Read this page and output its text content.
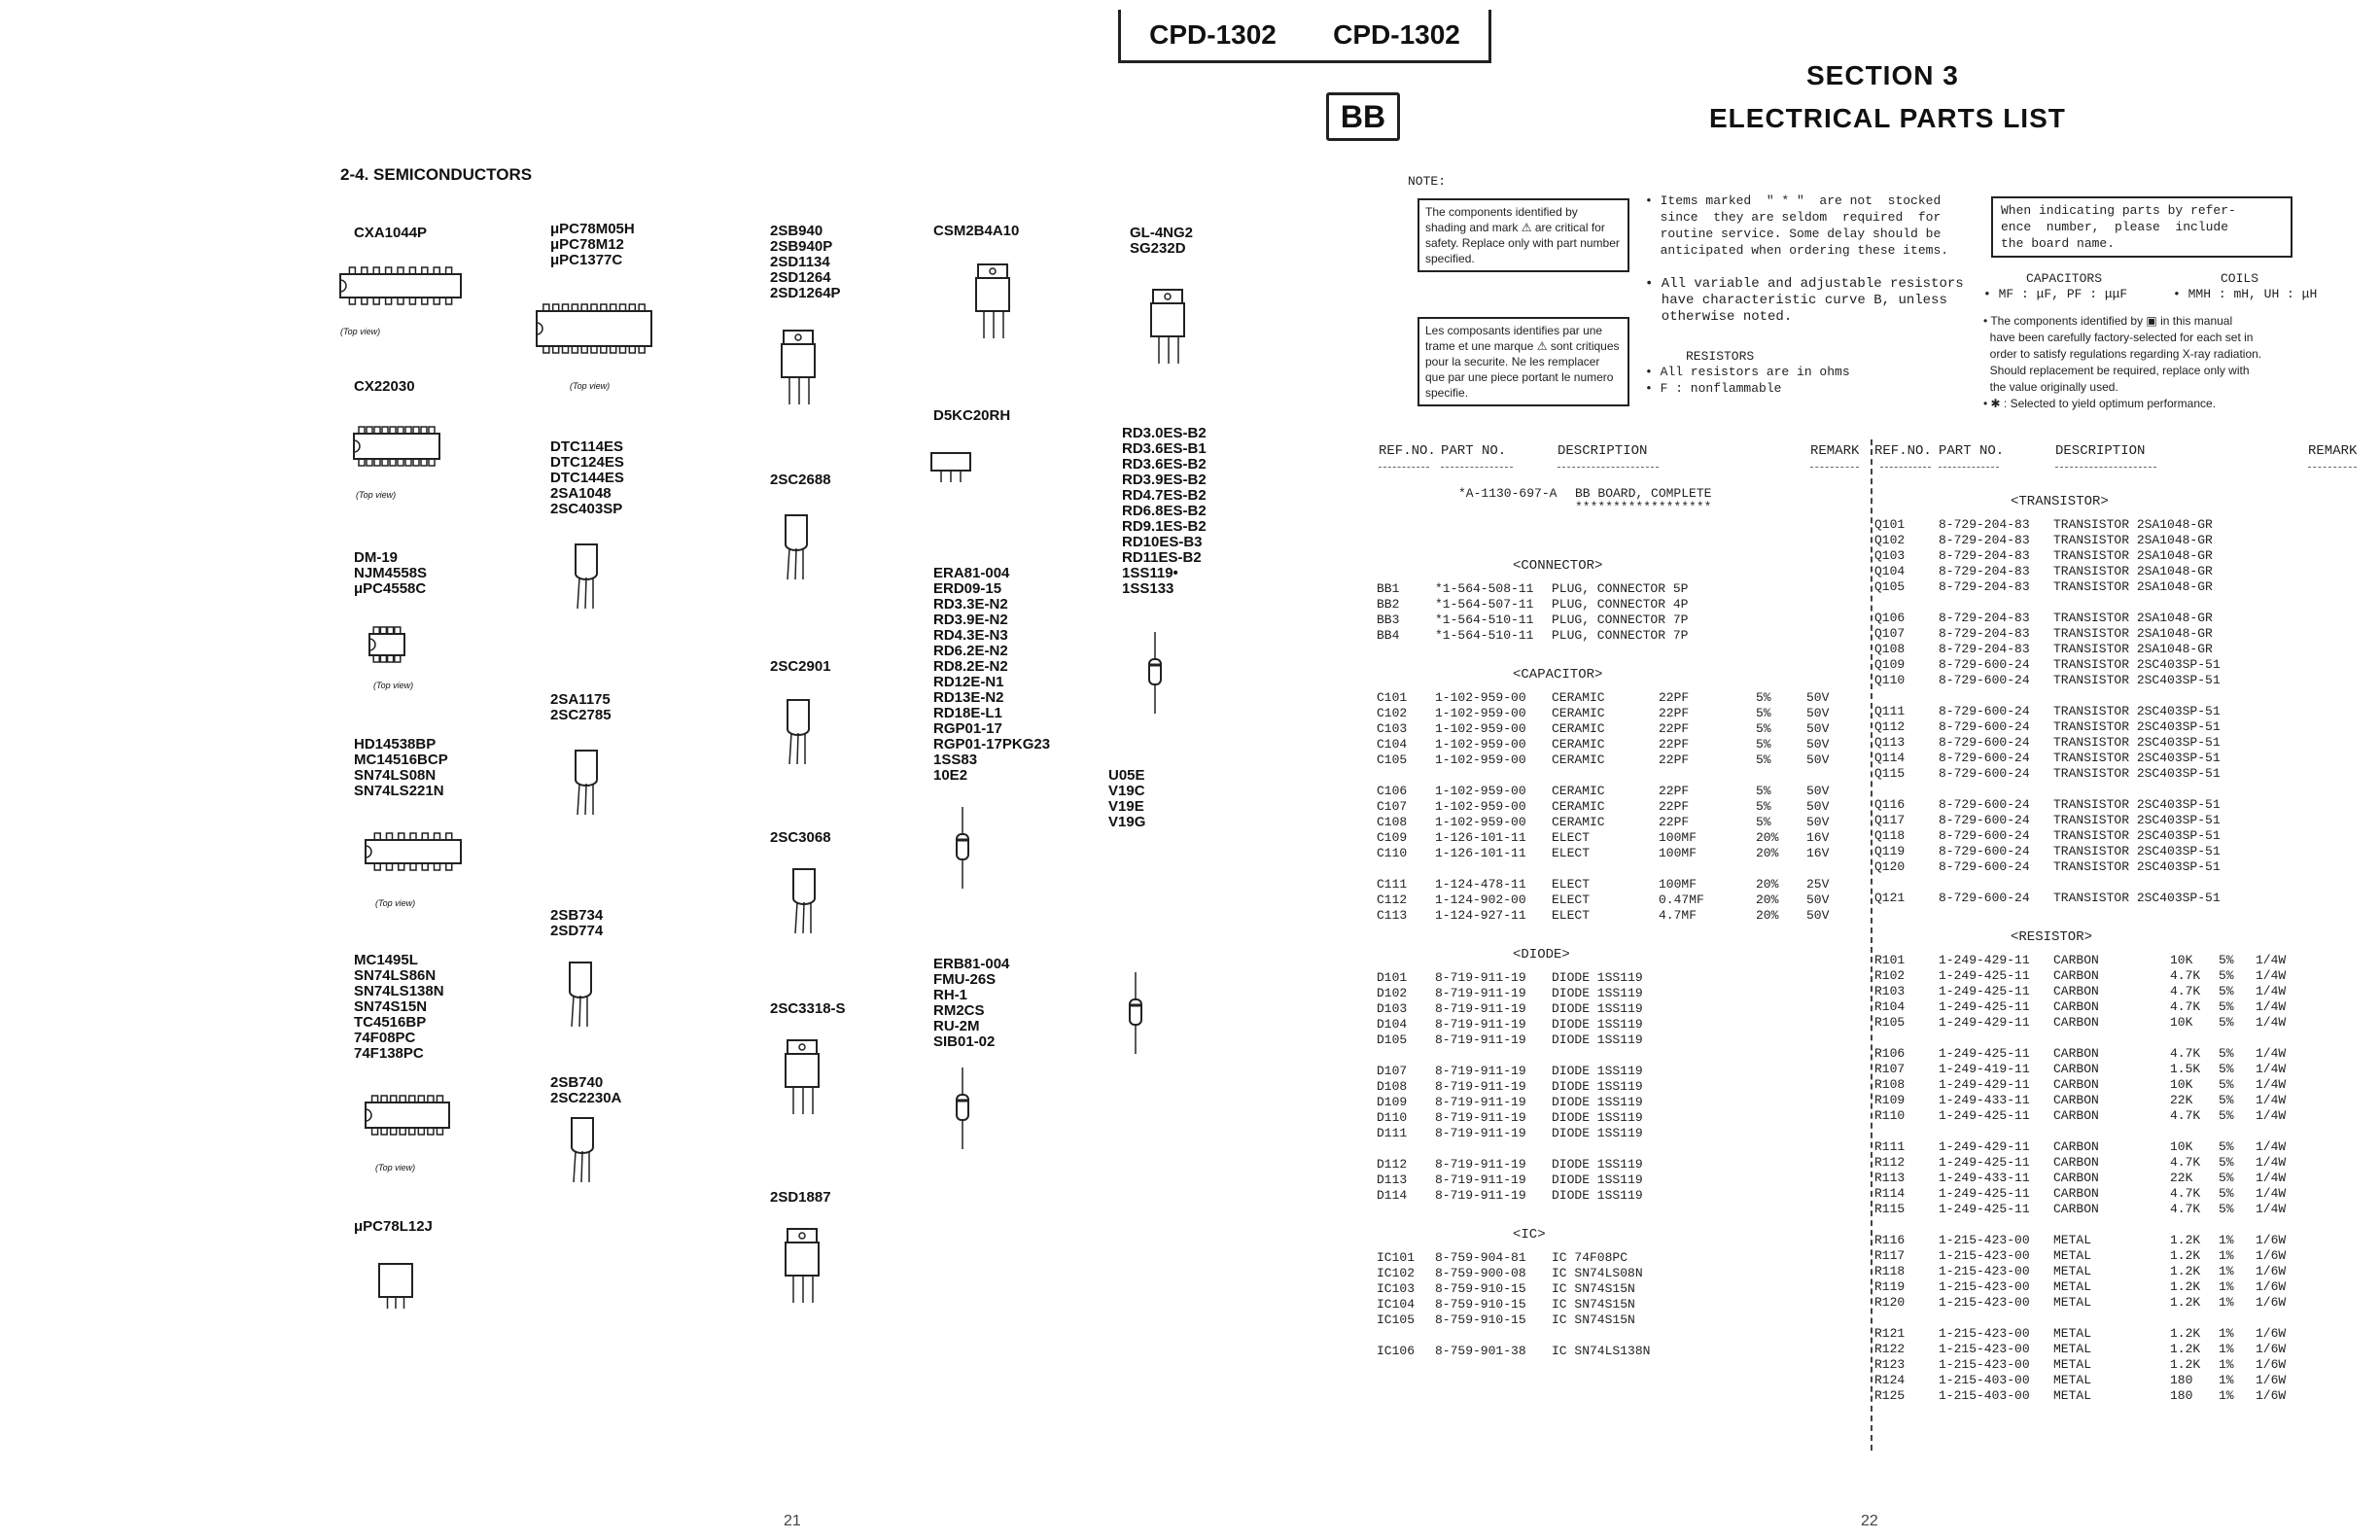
CPD-1302 CPD-1302
BB
SECTION 3
ELECTRICAL PARTS LIST
2-4. SEMICONDUCTORS
CXA1044P
(Top view)
CX22030
(Top view)
DM-19
NJM4558S
μPC4558C
(Top view)
HD14538BP
MC14516BCP
SN74LS08N
SN74LS221N
(Top view)
MC1495L
SN74LS86N
SN74LS138N
SN74S15N
TC4516BP
74F08PC
74F138PC
(Top view)
μPC78L12J
μPC78M05H
μPC78M12
μPC1377C
(Top view)
DTC114ES
DTC124ES
DTC144ES
2SA1048
2SC403SP
2SA1175
2SC2785
2SB734
2SD774
2SB740
2SC2230A
2SB940
2SB940P
2SD1134
2SD1264
2SD1264P
2SC2688
2SC2901
2SC3068
2SC3318-S
2SD1887
CSM2B4A10
D5KC20RH
ERA81-004
ERD09-15
RD3.3E-N2
RD3.9E-N2
RD4.3E-N3
RD6.2E-N2
RD8.2E-N2
RD12E-N1
RD13E-N2
RD18E-L1
RGP01-17
RGP01-17PKG23
1SS83
10E2
ERB81-004
FMU-26S
RH-1
RM2CS
RU-2M
SIB01-02
GL-4NG2
SG232D
RD3.0ES-B2
RD3.6ES-B1
RD3.6ES-B2
RD3.9ES-B2
RD4.7ES-B2
RD6.8ES-B2
RD9.1ES-B2
RD10ES-B3
RD11ES-B2
1SS119•
1SS133
U05E
V19C
V19E
V19G
21
NOTE:
The components identified by shading and mark ⚠ are critical for safety. Replace only with part number specified.
Les composants identifies par une trame et une marque ⚠ sont critiques pour la securite. Ne les remplacer que par une piece portant le numero specifie.
• Items marked  " * "  are not  stocked
since  they are seldom  required  for
routine service. Some delay should be
anticipated when ordering these items.
• All variable and adjustable resistors
have characteristic curve B, unless
otherwise noted.
RESISTORS
• All resistors are in ohms
• F : nonflammable
When indicating parts by refer-
ence  number,  please  include
the board name.
CAPACITORS	COILS
• MF : μF, PF : μμF      • MMH : mH, UH : μH
• The components identified by ▣ in this manual
have been carefully factory-selected for each set in
order to satisfy regulations regarding X-ray radiation.
Should replacement be required, replace only with
the value originally used.
• ✱ : Selected to yield optimum performance.
REF.NO. PART NO.	DESCRIPTION	REMARK REF.NO. PART NO.	DESCRIPTION	REMARK
*A-1130-697-A BB BOARD, COMPLETE
******************
<CONNECTOR>
BB1	*1-564-508-11 PLUG, CONNECTOR 5P
BB2	*1-564-507-11 PLUG, CONNECTOR 4P
BB3	*1-564-510-11 PLUG, CONNECTOR 7P
BB4	*1-564-510-11 PLUG, CONNECTOR 7P
<CAPACITOR>
C101 1-102-959-00 CERAMIC	22PF	5%	50V
C102 1-102-959-00 CERAMIC	22PF	5%	50V
C103 1-102-959-00 CERAMIC	22PF	5%	50V
C104 1-102-959-00 CERAMIC	22PF	5%	50V
C105 1-102-959-00 CERAMIC	22PF	5%	50V
C106 1-102-959-00 CERAMIC	22PF	5%	50V
C107 1-102-959-00 CERAMIC	22PF	5%	50V
C108 1-102-959-00 CERAMIC	22PF	5%	50V
C109 1-126-101-11 ELECT	100MF	20% 16V
C110 1-126-101-11 ELECT	100MF	20% 16V
C111 1-124-478-11 ELECT	100MF	20% 25V
C112 1-124-902-00 ELECT	0.47MF	20% 50V
C113 1-124-927-11 ELECT	4.7MF	20% 50V
<DIODE>
D101 8-719-911-19 DIODE 1SS119
D102 8-719-911-19 DIODE 1SS119
D103 8-719-911-19 DIODE 1SS119
D104 8-719-911-19 DIODE 1SS119
D105 8-719-911-19 DIODE 1SS119
D107 8-719-911-19 DIODE 1SS119
D108 8-719-911-19 DIODE 1SS119
D109 8-719-911-19 DIODE 1SS119
D110 8-719-911-19 DIODE 1SS119
D111 8-719-911-19 DIODE 1SS119
D112 8-719-911-19 DIODE 1SS119
D113 8-719-911-19 DIODE 1SS119
D114 8-719-911-19 DIODE 1SS119
<IC>
IC101 8-759-904-81 IC 74F08PC
IC102 8-759-900-08 IC SN74LS08N
IC103 8-759-910-15 IC SN74S15N
IC104 8-759-910-15 IC SN74S15N
IC105 8-759-910-15 IC SN74S15N
IC106 8-759-901-38 IC SN74LS138N
<TRANSISTOR>
Q101	8-729-204-83 TRANSISTOR 2SA1048-GR
Q102	8-729-204-83 TRANSISTOR 2SA1048-GR
Q103	8-729-204-83 TRANSISTOR 2SA1048-GR
Q104	8-729-204-83 TRANSISTOR 2SA1048-GR
Q105	8-729-204-83 TRANSISTOR 2SA1048-GR
Q106	8-729-204-83 TRANSISTOR 2SA1048-GR
Q107	8-729-204-83 TRANSISTOR 2SA1048-GR
Q108	8-729-204-83 TRANSISTOR 2SA1048-GR
Q109	8-729-600-24 TRANSISTOR 2SC403SP-51
Q110	8-729-600-24 TRANSISTOR 2SC403SP-51
Q111	8-729-600-24 TRANSISTOR 2SC403SP-51
Q112	8-729-600-24 TRANSISTOR 2SC403SP-51
Q113	8-729-600-24 TRANSISTOR 2SC403SP-51
Q114	8-729-600-24 TRANSISTOR 2SC403SP-51
Q115	8-729-600-24 TRANSISTOR 2SC403SP-51
Q116	8-729-600-24 TRANSISTOR 2SC403SP-51
Q117	8-729-600-24 TRANSISTOR 2SC403SP-51
Q118	8-729-600-24 TRANSISTOR 2SC403SP-51
Q119	8-729-600-24 TRANSISTOR 2SC403SP-51
Q120	8-729-600-24 TRANSISTOR 2SC403SP-51
Q121	8-729-600-24 TRANSISTOR 2SC403SP-51
<RESISTOR>
R101	1-249-429-11 CARBON	10K 5% 1/4W
R102	1-249-425-11 CARBON	4.7K 5% 1/4W
R103	1-249-425-11 CARBON	4.7K 5% 1/4W
R104	1-249-425-11 CARBON	4.7K 5% 1/4W
R105	1-249-429-11 CARBON	10K 5% 1/4W
R106	1-249-425-11 CARBON	4.7K 5% 1/4W
R107	1-249-419-11 CARBON	1.5K 5% 1/4W
R108	1-249-429-11 CARBON	10K 5% 1/4W
R109	1-249-433-11 CARBON	22K 5% 1/4W
R110	1-249-425-11 CARBON	4.7K 5% 1/4W
R111	1-249-429-11 CARBON	10K 5% 1/4W
R112	1-249-425-11 CARBON	4.7K 5% 1/4W
R113	1-249-433-11 CARBON	22K 5% 1/4W
R114	1-249-425-11 CARBON	4.7K 5% 1/4W
R115	1-249-425-11 CARBON	4.7K 5% 1/4W
R116	1-215-423-00 METAL	1.2K 1% 1/6W
R117	1-215-423-00 METAL	1.2K 1% 1/6W
R118	1-215-423-00 METAL	1.2K 1% 1/6W
R119	1-215-423-00 METAL	1.2K 1% 1/6W
R120	1-215-423-00 METAL	1.2K 1% 1/6W
R121	1-215-423-00 METAL	1.2K 1% 1/6W
R122	1-215-423-00 METAL	1.2K 1% 1/6W
R123	1-215-423-00 METAL	1.2K 1% 1/6W
R124	1-215-403-00 METAL	180 1% 1/6W
R125	1-215-403-00 METAL	180 1% 1/6W
22
